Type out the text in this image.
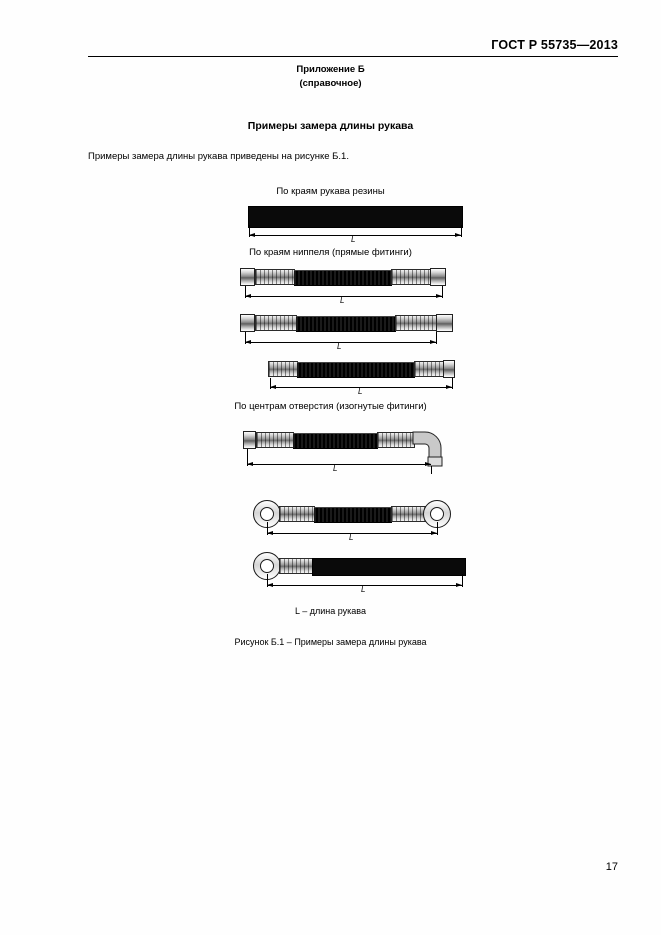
ГОСТ Р 55735—2013
Приложение Б
(справочное)
Примеры замера длины рукава
Примеры замера длины рукава приведены на рисунке Б.1.
По краям рукава резины
L
По краям ниппеля (прямые фитинги)
L
L
L
По центрам отверстия (изогнутые фитинги)
L
L
L
L – длина рукава
Рисунок Б.1 – Примеры замера длины рукава
17
